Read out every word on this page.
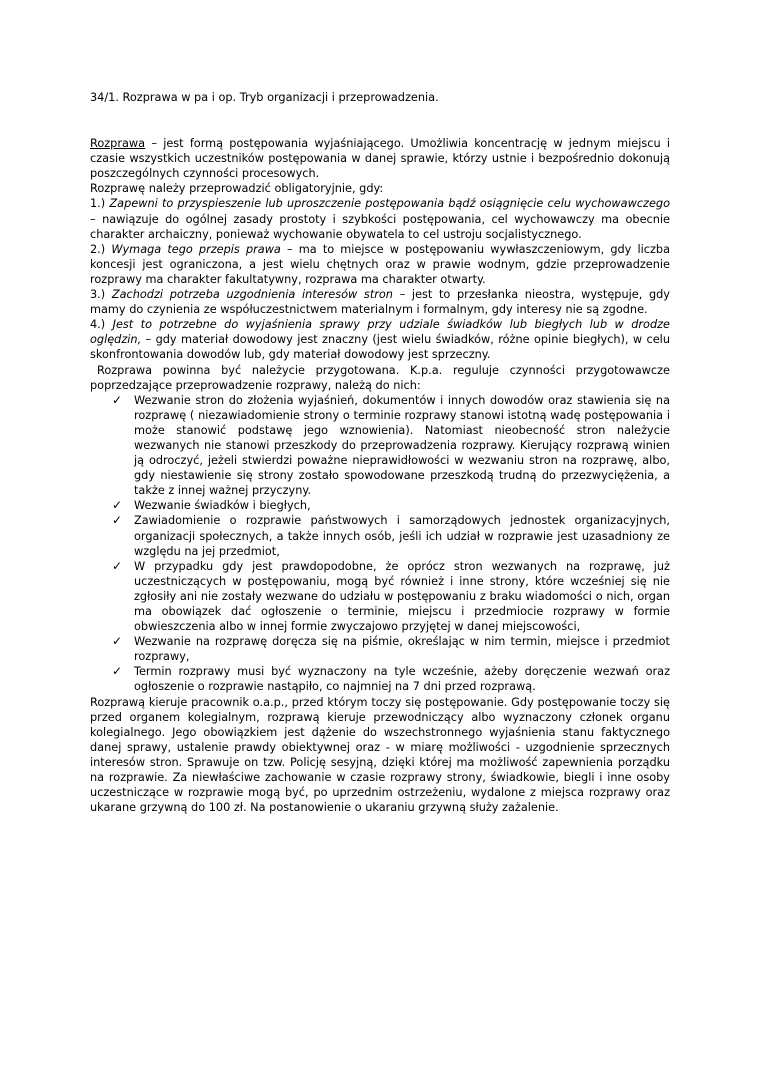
34/1. Rozprawa w pa i op. Tryb organizacji i przeprowadzenia.

Rozprawa – jest formą postępowania wyjaśniającego. Umożliwia koncentrację w jednym miejscu i czasie wszystkich uczestników postępowania w danej sprawie, którzy ustnie i bezpośrednio dokonują poszczególnych czynności procesowych.

Rozprawę należy przeprowadzić obligatoryjnie, gdy:

1.) Zapewni to przyspieszenie lub uproszczenie postępowania bądź osiągnięcie celu wychowawczego – nawiązuje do ogólnej zasady prostoty i szybkości postępowania, cel wychowawczy ma obecnie charakter archaiczny, ponieważ wychowanie obywatela to cel ustroju socjalistycznego.

2.) Wymaga tego przepis prawa – ma to miejsce w postępowaniu wywłaszczeniowym, gdy liczba koncesji jest ograniczona, a jest wielu chętnych oraz w prawie wodnym, gdzie przeprowadzenie rozprawy ma charakter fakultatywny, rozprawa ma charakter otwarty.

3.) Zachodzi potrzeba uzgodnienia interesów stron – jest to przesłanka nieostra, występuje, gdy mamy do czynienia ze współuczestnictwem materialnym i formalnym, gdy interesy nie są zgodne.

4.) Jest to potrzebne do wyjaśnienia sprawy przy udziale świadków lub biegłych lub w drodze oględzin, – gdy materiał dowodowy jest znaczny (jest wielu świadków, różne opinie biegłych), w celu skonfrontowania dowodów lub, gdy materiał dowodowy jest sprzeczny.

Rozprawa powinna być należycie przygotowana. K.p.a. reguluje czynności przygotowawcze poprzedzające przeprowadzenie rozprawy, należą do nich:

✓ Wezwanie stron do złożenia wyjaśnień, dokumentów i innych dowodów oraz stawienia się na rozprawę ( niezawiadomienie strony o terminie rozprawy stanowi istotną wadę postępowania i może stanowić podstawę jego wznowienia). Natomiast nieobecność stron należycie wezwanych nie stanowi przeszkody do przeprowadzenia rozprawy. Kierujący rozprawą winien ją odroczyć, jeżeli stwierdzi poważne nieprawidłowości w wezwaniu stron na rozprawę, albo, gdy niestawienie się strony zostało spowodowane przeszkodą trudną do przezwyciężenia, a także z innej ważnej przyczyny.
✓ Wezwanie świadków i biegłych,
✓ Zawiadomienie o rozprawie państwowych i samorządowych jednostek organizacyjnych, organizacji społecznych, a także innych osób, jeśli ich udział w rozprawie jest uzasadniony ze względu na jej przedmiot,
✓ W przypadku gdy jest prawdopodobne, że oprócz stron wezwanych na rozprawę, już uczestniczących w postępowaniu, mogą być również i inne strony, które wcześniej się nie zgłosiły ani nie zostały wezwane do udziału w postępowaniu z braku wiadomości o nich, organ ma obowiązek dać ogłoszenie o terminie, miejscu i przedmiocie rozprawy w formie obwieszczenia albo w innej formie zwyczajowo przyjętej w danej miejscowości,
✓ Wezwanie na rozprawę doręcza się na piśmie, określając w nim termin, miejsce i przedmiot rozprawy,
✓ Termin rozprawy musi być wyznaczony na tyle wcześnie, ażeby doręczenie wezwań oraz ogłoszenie o rozprawie nastąpiło, co najmniej na 7 dni przed rozprawą.

Rozprawą kieruje pracownik o.a.p., przed którym toczy się postępowanie. Gdy postępowanie toczy się przed organem kolegialnym, rozprawą kieruje przewodniczący albo wyznaczony członek organu kolegialnego. Jego obowiązkiem jest dążenie do wszechstronnego wyjaśnienia stanu faktycznego danej sprawy, ustalenie prawdy obiektywnej oraz - w miarę możliwości - uzgodnienie sprzecznych interesów stron. Sprawuje on tzw. Policję sesyjną, dzięki której ma możliwość zapewnienia porządku na rozprawie. Za niewłaściwe zachowanie w czasie rozprawy strony, świadkowie, biegli i inne osoby uczestniczące w rozprawie mogą być, po uprzednim ostrzeżeniu, wydalone z miejsca rozprawy oraz ukarane grzywną do 100 zł. Na postanowienie o ukaraniu grzywną służy zażalenie.
